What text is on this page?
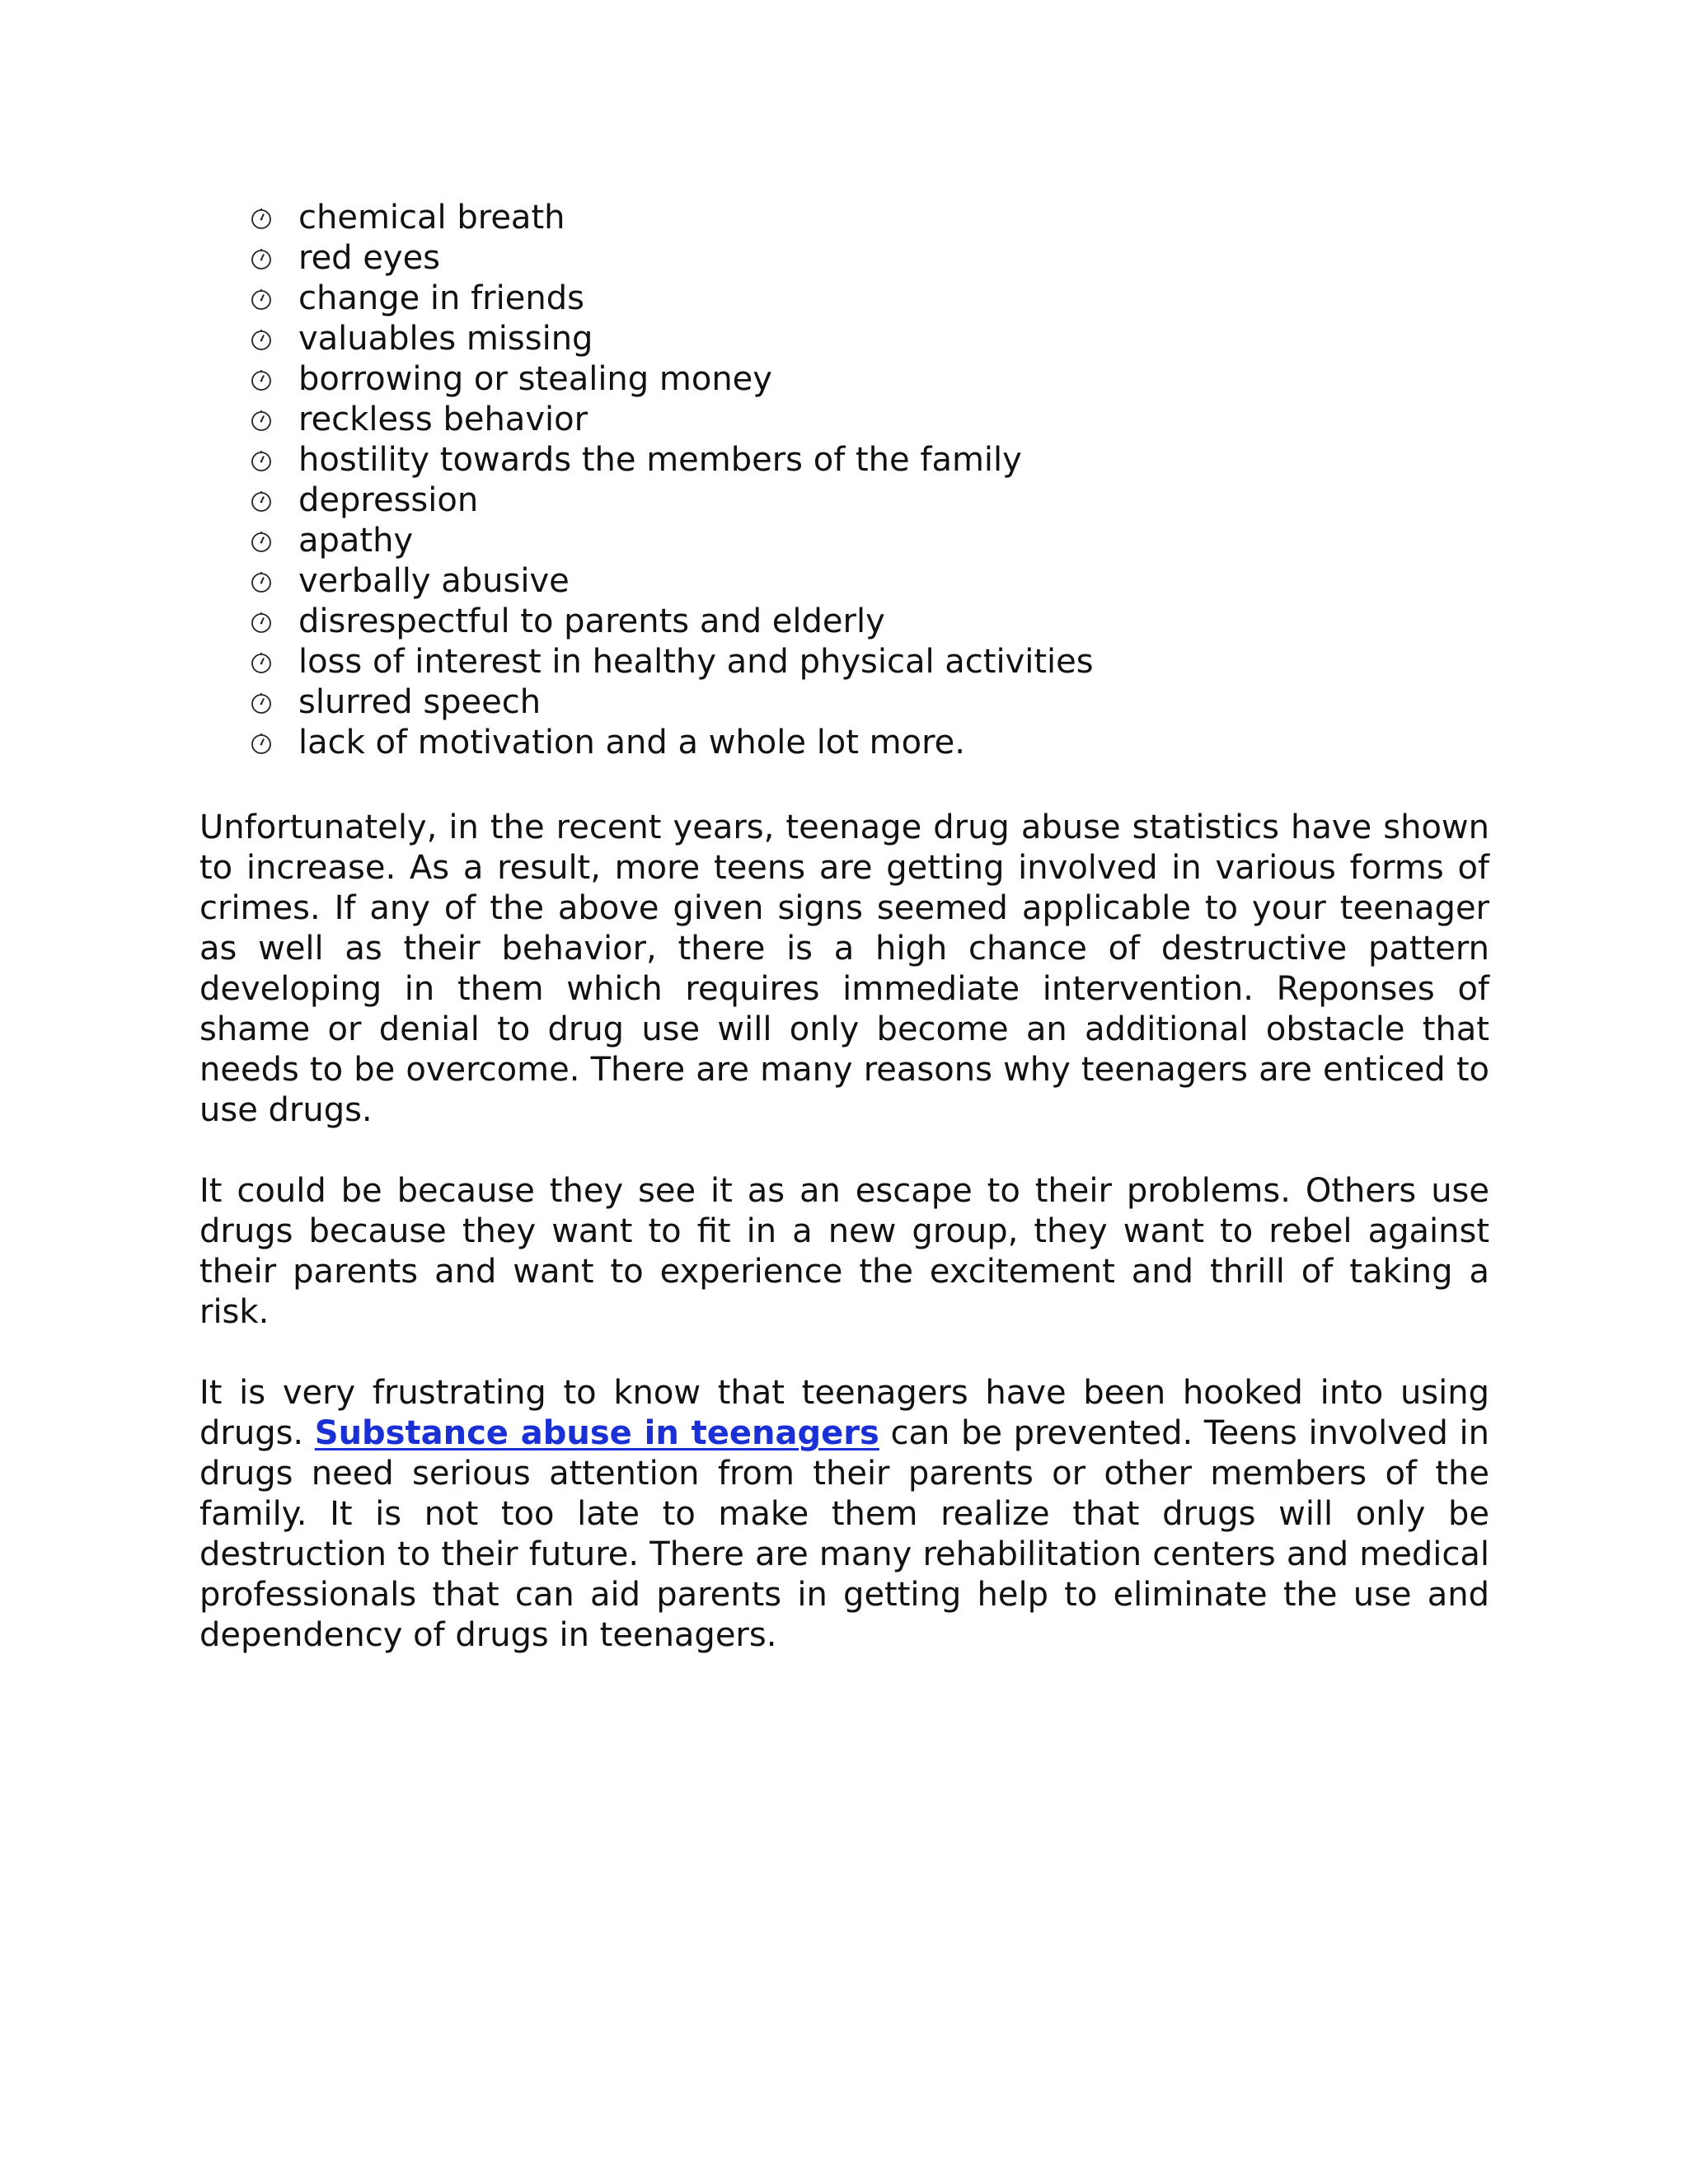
chemical breath
red eyes
change in friends
valuables missing
borrowing or stealing money
reckless behavior
hostility towards the members of the family
depression
apathy
verbally abusive
disrespectful to parents and elderly
loss of interest in healthy and physical activities
slurred speech
lack of motivation and a whole lot more.

Unfortunately, in the recent years, teenage drug abuse statistics have shown to increase. As a result, more teens are getting involved in various forms of crimes. If any of the above given signs seemed applicable to your teenager as well as their behavior, there is a high chance of destructive pattern developing in them which requires immediate intervention. Reponses of shame or denial to drug use will only become an additional obstacle that needs to be overcome. There are many reasons why teenagers are enticed to use drugs.

It could be because they see it as an escape to their problems. Others use drugs because they want to fit in a new group, they want to rebel against their parents and want to experience the excitement and thrill of taking a risk.

It is very frustrating to know that teenagers have been hooked into using drugs. Substance abuse in teenagers can be prevented. Teens involved in drugs need serious attention from their parents or other members of the family. It is not too late to make them realize that drugs will only be destruction to their future. There are many rehabilitation centers and medical professionals that can aid parents in getting help to eliminate the use and dependency of drugs in teenagers.
